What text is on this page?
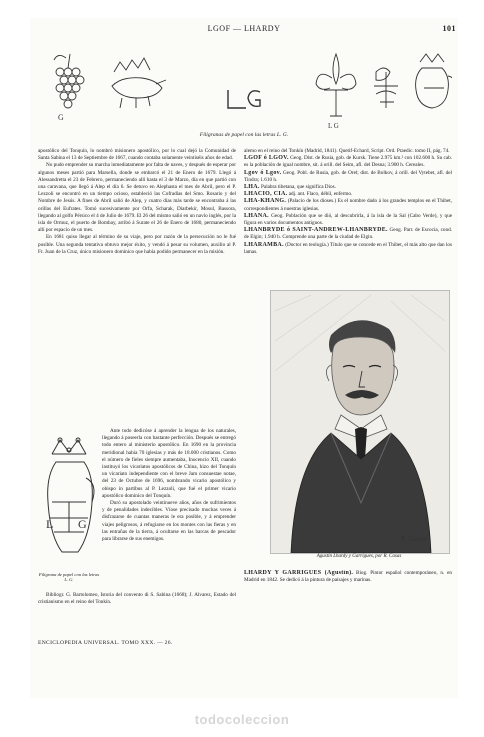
LGOF — LHARDY	101
G
L G
Filigranas de papel con las letras L. G.

apostólico del Tonquín, lo nombró misionero apostólico, por lo cual dejó la Comunidad de Santa Sabina el 13 de Septiembre de 1667, cuando contaba solamente veintiséis años de edad.

No pudo emprender su marcha inmediatamente por falta de naves, y después de esperar por algunos meses partió para Marsella, donde se embarcó el 21 de Enero de 1679. Llegó á Alessandretta el 23 de Febrero, permaneciendo allí hasta el 3 de Marzo, día en que partió con una caravana, que llegó á Alep el día 6. Se detuvo en Alephasta el mes de Abril, pero el P. Lezzoli se encontró en un tiempo ocioso, estableció las Cofradías del Smo. Rosario y del Nombre de Jesús. A fines de Abril salió de Alep, y cuatro días más tarde se encontraba á las orillas del Eufrates. Tomó sucesivamente por Orfa, Scharak, Diarbekir, Mosul, Bassora, llegando al golfo Pérsico el 4 de Julio de 1679. El 26 del mismo salió en un navío inglés, por la isla de Ormuz, el puerto de Bombay, arribó á Surate el 26 de Enero de 1680, permaneciendo allí por espacio de un mes.

En 1681 quiso llegar al término de su viaje, pero por razón de la persecución no le fué posible. Una segunda tentativa obtuvo mejor éxito, y vendó á pesar su volumen, auxilio al P. Fr. Juan de la Cruz, único misionero dominico que había podido permanecer en la misión.

L G
Filigrana de papel con las letras L. G.

Ante todo dedicóse á aprender la lengua de los naturales, llegando á poseerla con bastante perfección. Después se entregó todo entero al ministerio apostólico. En 1690 en la provincia meridional había 70 iglesias y más de 18.000 cristianos. Como el número de fieles siempre aumentaba, Inocencio XII, cuando instituyó los vicariatos apostólicos de China, hizo del Tonquín un vicariato independiente con el breve Jam consuestae notae, del 23 de Octubre de 1696, nombrando vicario apostólico y obispo in partibus al P. Lezzoli, que fué el primer vicario apostólico dominico del Tonquín.

Duró su apostolado veintinueve años, años de sufrimientos y de penalidades indecibles. Víose precisado muchas veces á disfrazarse de cuantas maneras le era posible, y á emprender viajes peligrosos, á refugiarse en los montes con las fieras y en las entrañas de la tierra, á ocultarse en las barcas de pescador para librarse de sus enemigos.

Bibliogr. G. Bartolomeo, Istoria del convento di S. Sabina (1668); J. Alvarez, Estado del cristianismo en el reino del Tonkín.

alemo en el reino del Tonkín (Madrid, 1841). Quetif-Echard, Script. Ord. Praedic. tomo II, pág. 74.

LGOF ó LGOV. Geog. Dist. de Rusia, gob. de Kursk. Tiene 2.975 km.² con 102.600 h. Su cab. es la población de igual nombre, sit. á orill. del Seim, afl. del Desna; 3.900 h. Cereales.

Lgov ó Lgov. Geog. Pobl. de Rusia, gob. de Orel; dist. de Bolkov, á orill. del Vytebet, afl. del Tindra; 1.610 h.

LHA. Palabra tibetana, que significa Dios.

LHACIO, CIA. adj. ant. Flaco, débil, enfermo.

LHA-KHANG. (Palacio de los dioses.) Es el nombre dado á los grandes templos en el Thibet, correspondientes á nuestras iglesias.

LHANA. Geog. Población que se dió, al descubrirla, á la isla de la Sal (Cabo Verde), y que figura en varios documentos antiguos.

LHANBRYDE ó SAINT-ANDREW-LHANBRYDE. Geog. Parr. de Escocia, cond. de Elgin; 1.940 h. Comprende una parte de la ciudad de Elgin.

LHARAMBA. (Doctor en teología.) Título que se concede en el Thibet, el más alto que dan los lamas.

R. Casas
Agustín Lhardy y Garrigues, por R. Casas
LHARDY Y GARRIGUES (Agustín). Biog. Pintor español contemporáneo, n. en Madrid en 1842. Se dedicó á la pintura de paisajes y marinas.
ENCICLOPEDIA UNIVERSAL. TOMO XXX. — 26.
todocoleccion
